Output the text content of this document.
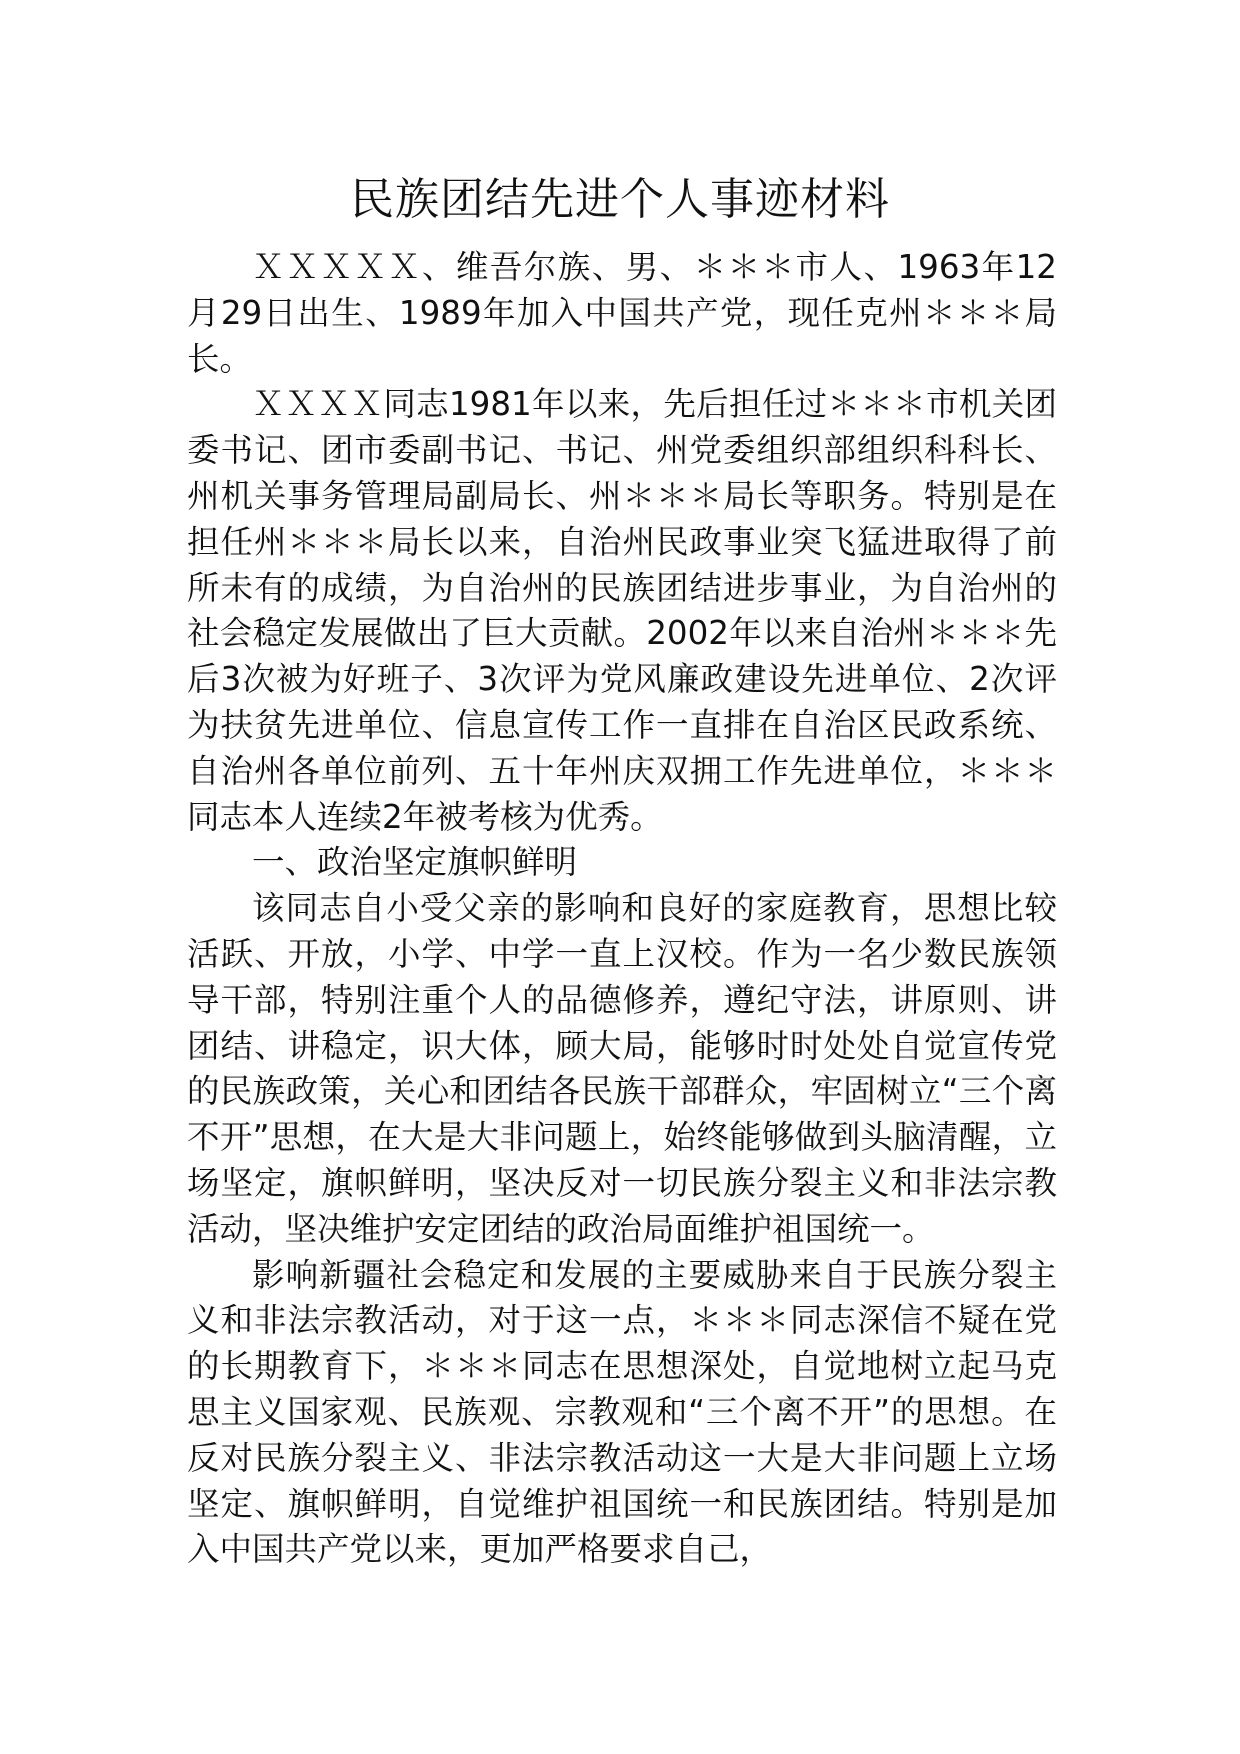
民族团结先进个人事迹材料

ＸＸＸＸＸ、维吾尔族、男、＊＊＊市人、1963年12月29日出生、1989年加入中国共产党，现任克州＊＊＊局长。

ＸＸＸＸ同志1981年以来，先后担任过＊＊＊市机关团委书记、团市委副书记、书记、州党委组织部组织科科长、州机关事务管理局副局长、州＊＊＊局长等职务。特别是在担任州＊＊＊局长以来，自治州民政事业突飞猛进取得了前所未有的成绩，为自治州的民族团结进步事业，为自治州的社会稳定发展做出了巨大贡献。2002年以来自治州＊＊＊先后3次被为好班子、3次评为党风廉政建设先进单位、2次评为扶贫先进单位、信息宣传工作一直排在自治区民政系统、自治州各单位前列、五十年州庆双拥工作先进单位，＊＊＊同志本人连续2年被考核为优秀。

一、政治坚定旗帜鲜明

该同志自小受父亲的影响和良好的家庭教育，思想比较活跃、开放，小学、中学一直上汉校。作为一名少数民族领导干部，特别注重个人的品德修养，遵纪守法，讲原则、讲团结、讲稳定，识大体，顾大局，能够时时处处自觉宣传党的民族政策，关心和团结各民族干部群众，牢固树立“三个离不开”思想，在大是大非问题上，始终能够做到头脑清醒，立场坚定，旗帜鲜明，坚决反对一切民族分裂主义和非法宗教活动，坚决维护安定团结的政治局面维护祖国统一。

影响新疆社会稳定和发展的主要威胁来自于民族分裂主义和非法宗教活动，对于这一点，＊＊＊同志深信不疑在党的长期教育下，＊＊＊同志在思想深处，自觉地树立起马克思主义国家观、民族观、宗教观和“三个离不开”的思想。在反对民族分裂主义、非法宗教活动这一大是大非问题上立场坚定、旗帜鲜明，自觉维护祖国统一和民族团结。特别是加入中国共产党以来，更加严格要求自己，
